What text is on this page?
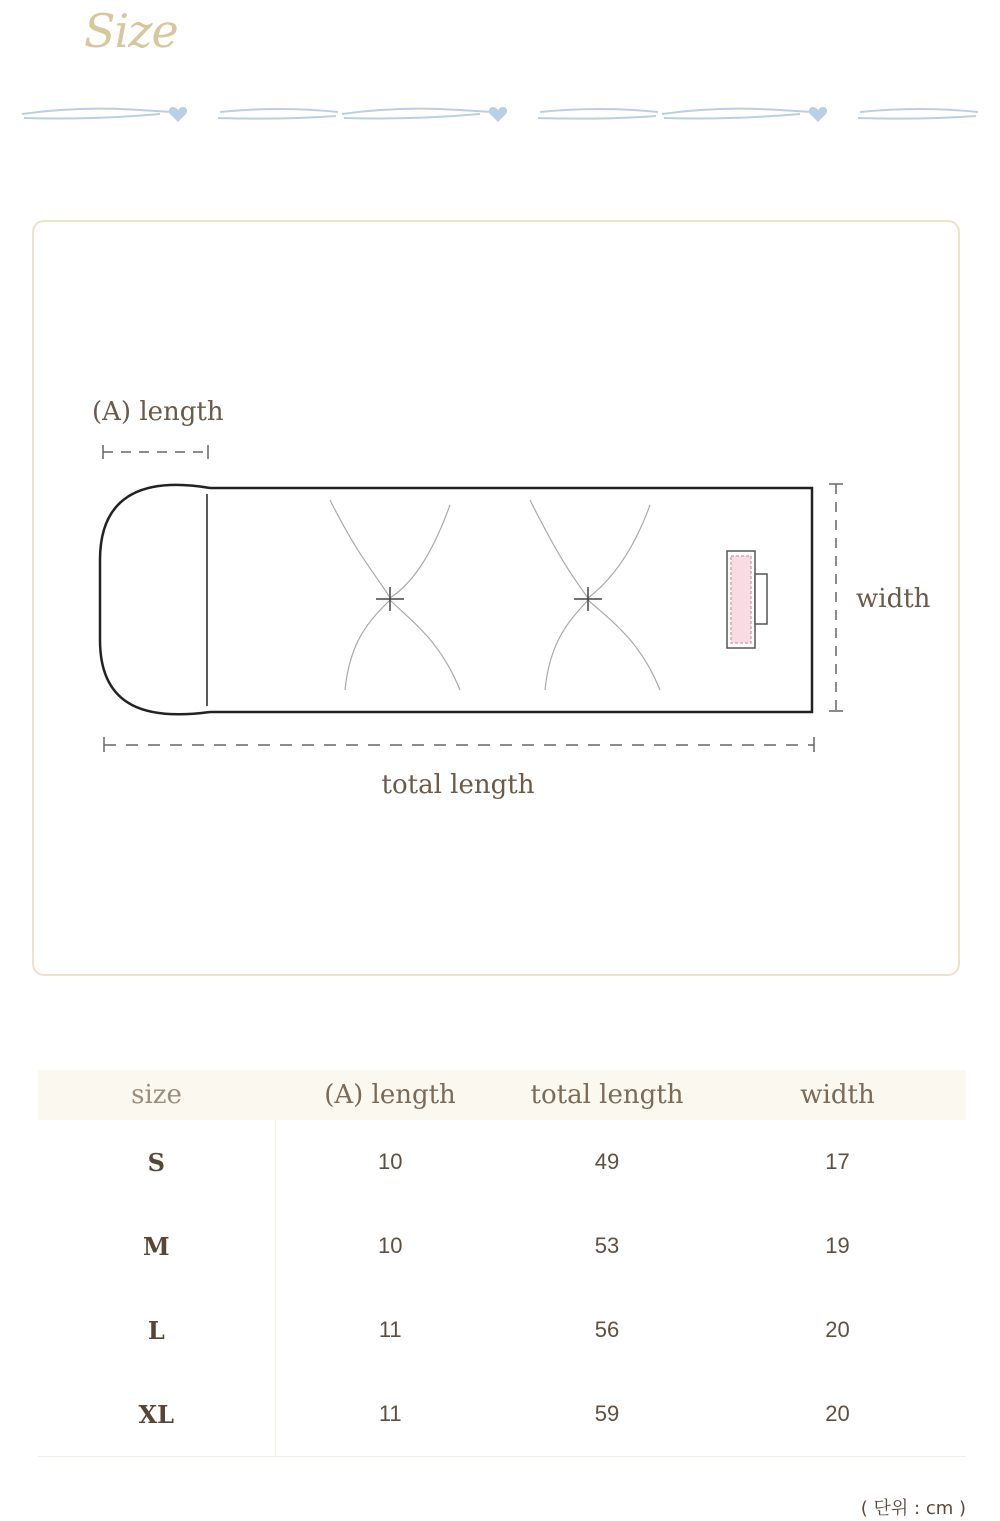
Size
(A) length
width
total length
size	(A) length	total length	width
S	10	49	17
M	10	53	19
L	11	56	20
XL	11	59	20
( 단위 : cm )
